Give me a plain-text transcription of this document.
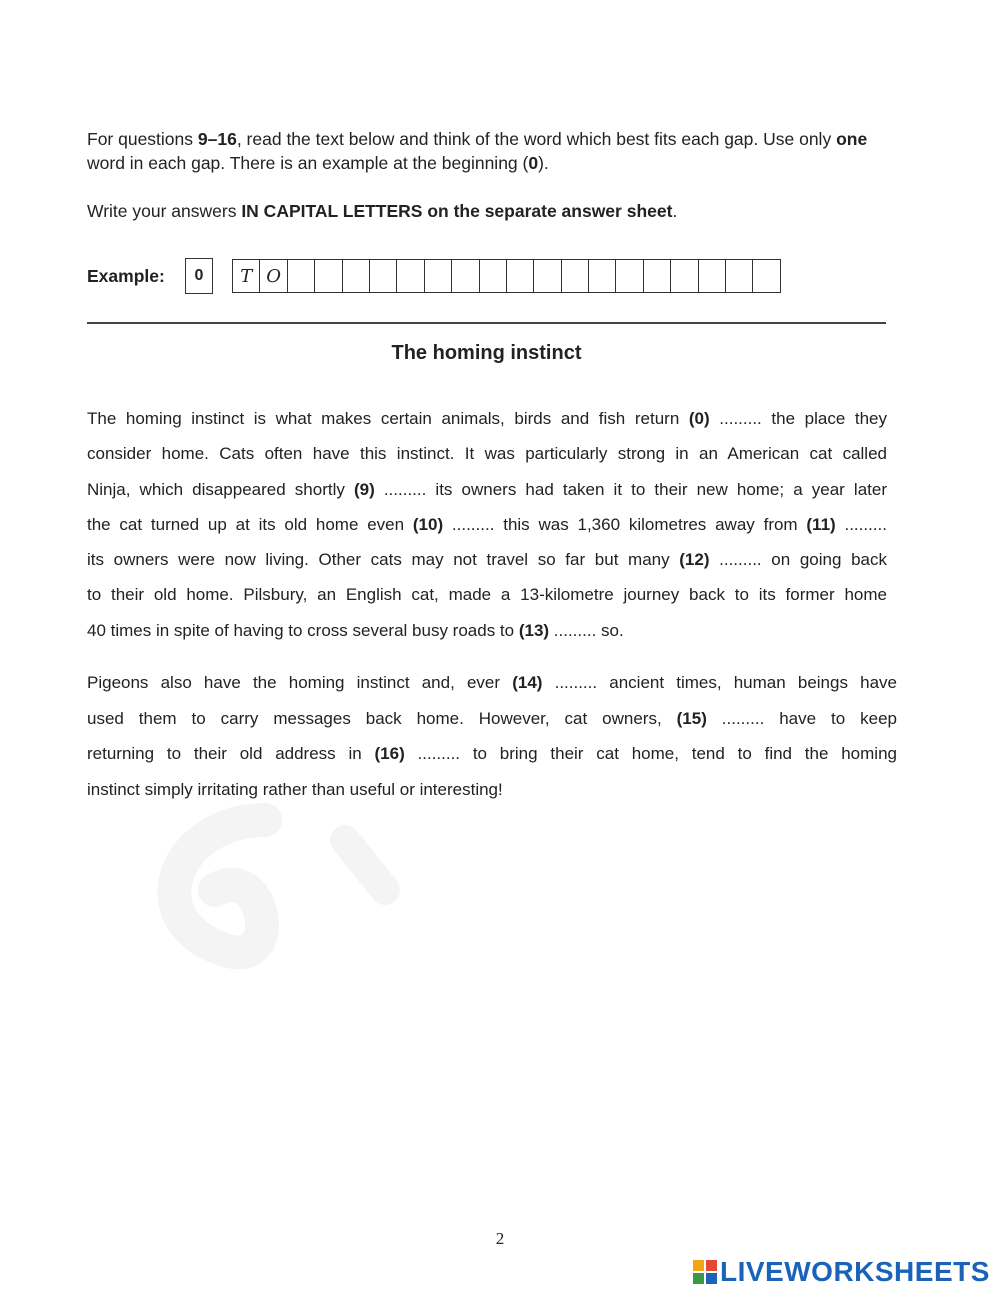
For questions 9–16, read the text below and think of the word which best fits each gap. Use only one word in each gap. There is an example at the beginning (0).
Write your answers IN CAPITAL LETTERS on the separate answer sheet.
Example:	0	T O
The homing instinct
The homing instinct is what makes certain animals, birds and fish return (0) ......... the place they
consider home. Cats often have this instinct. It was particularly strong in an American cat called
Ninja, which disappeared shortly (9) ......... its owners had taken it to their new home; a year later
the cat turned up at its old home even (10) ......... this was 1,360 kilometres away from (11) .........
its owners were now living. Other cats may not travel so far but many (12) ......... on going back
to their old home. Pilsbury, an English cat, made a 13-kilometre journey back to its former home
40 times in spite of having to cross several busy roads to (13) ......... so.
Pigeons also have the homing instinct and, ever (14) ......... ancient times, human beings have
used them to carry messages back home. However, cat owners, (15) ......... have to keep
returning to their old address in (16) ......... to bring their cat home, tend to find the homing
instinct simply irritating rather than useful or interesting!
2
LIVEWORKSHEETS
